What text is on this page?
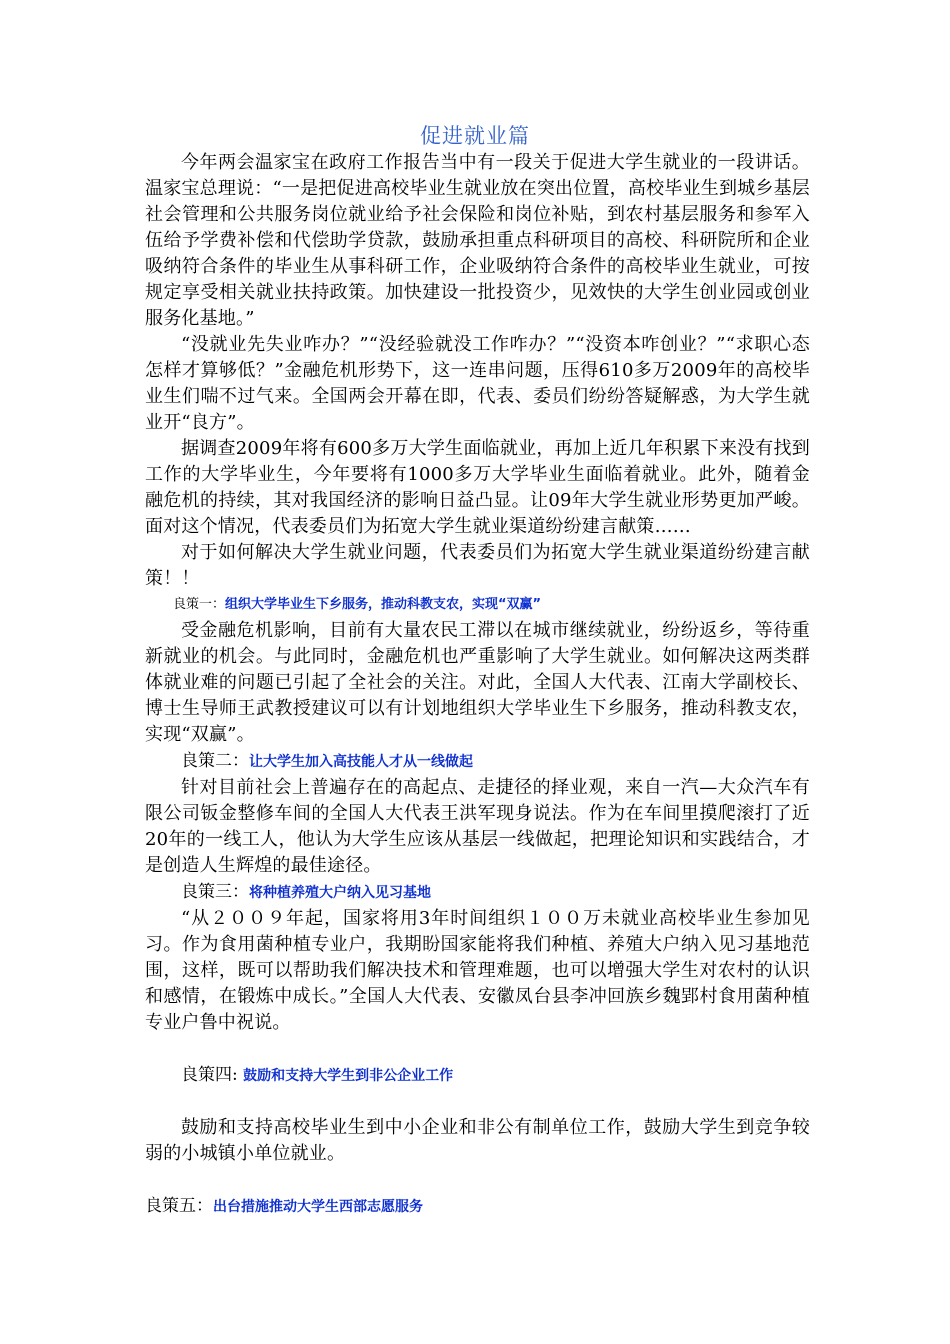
促进就业篇

今年两会温家宝在政府工作报告当中有一段关于促进大学生就业的一段讲话。温家宝总理说：“一是把促进高校毕业生就业放在突出位置，高校毕业生到城乡基层社会管理和公共服务岗位就业给予社会保险和岗位补贴，到农村基层服务和参军入伍给予学费补偿和代偿助学贷款，鼓励承担重点科研项目的高校、科研院所和企业吸纳符合条件的毕业生从事科研工作，企业吸纳符合条件的高校毕业生就业，可按规定享受相关就业扶持政策。加快建设一批投资少，见效快的大学生创业园或创业服务化基地。”

“没就业先失业咋办？”“没经验就没工作咋办？”“没资本咋创业？”“求职心态怎样才算够低？”金融危机形势下，这一连串问题，压得610多万2009年的高校毕业生们喘不过气来。全国两会开幕在即，代表、委员们纷纷答疑解惑，为大学生就业开“良方”。

据调查2009年将有600多万大学生面临就业，再加上近几年积累下来没有找到工作的大学毕业生，今年要将有1000多万大学毕业生面临着就业。此外，随着金融危机的持续，其对我国经济的影响日益凸显。让09年大学生就业形势更加严峻。面对这个情况，代表委员们为拓宽大学生就业渠道纷纷建言献策……

对于如何解决大学生就业问题，代表委员们为拓宽大学生就业渠道纷纷建言献策！！

良策一：组织大学毕业生下乡服务，推动科教支农，实现“双赢”

受金融危机影响，目前有大量农民工滞以在城市继续就业，纷纷返乡，等待重新就业的机会。与此同时，金融危机也严重影响了大学生就业。如何解决这两类群体就业难的问题已引起了全社会的关注。对此，全国人大代表、江南大学副校长、博士生导师王武教授建议可以有计划地组织大学毕业生下乡服务，推动科教支农，实现“双赢”。

良策二：让大学生加入高技能人才从一线做起

针对目前社会上普遍存在的高起点、走捷径的择业观，来自一汽—大众汽车有限公司钣金整修车间的全国人大代表王洪军现身说法。作为在车间里摸爬滚打了近20年的一线工人，他认为大学生应该从基层一线做起，把理论知识和实践结合，才是创造人生辉煌的最佳途径。

良策三：将种植养殖大户纳入见习基地

“从２００９年起，国家将用3年时间组织１００万未就业高校毕业生参加见习。作为食用菌种植专业户，我期盼国家能将我们种植、养殖大户纳入见习基地范围，这样，既可以帮助我们解决技术和管理难题，也可以增强大学生对农村的认识和感情，在锻炼中成长。”全国人大代表、安徽凤台县李冲回族乡魏郢村食用菌种植专业户鲁中祝说。

良策四: 鼓励和支持大学生到非公企业工作

鼓励和支持高校毕业生到中小企业和非公有制单位工作，鼓励大学生到竞争较弱的小城镇小单位就业。

良策五：出台措施推动大学生西部志愿服务
